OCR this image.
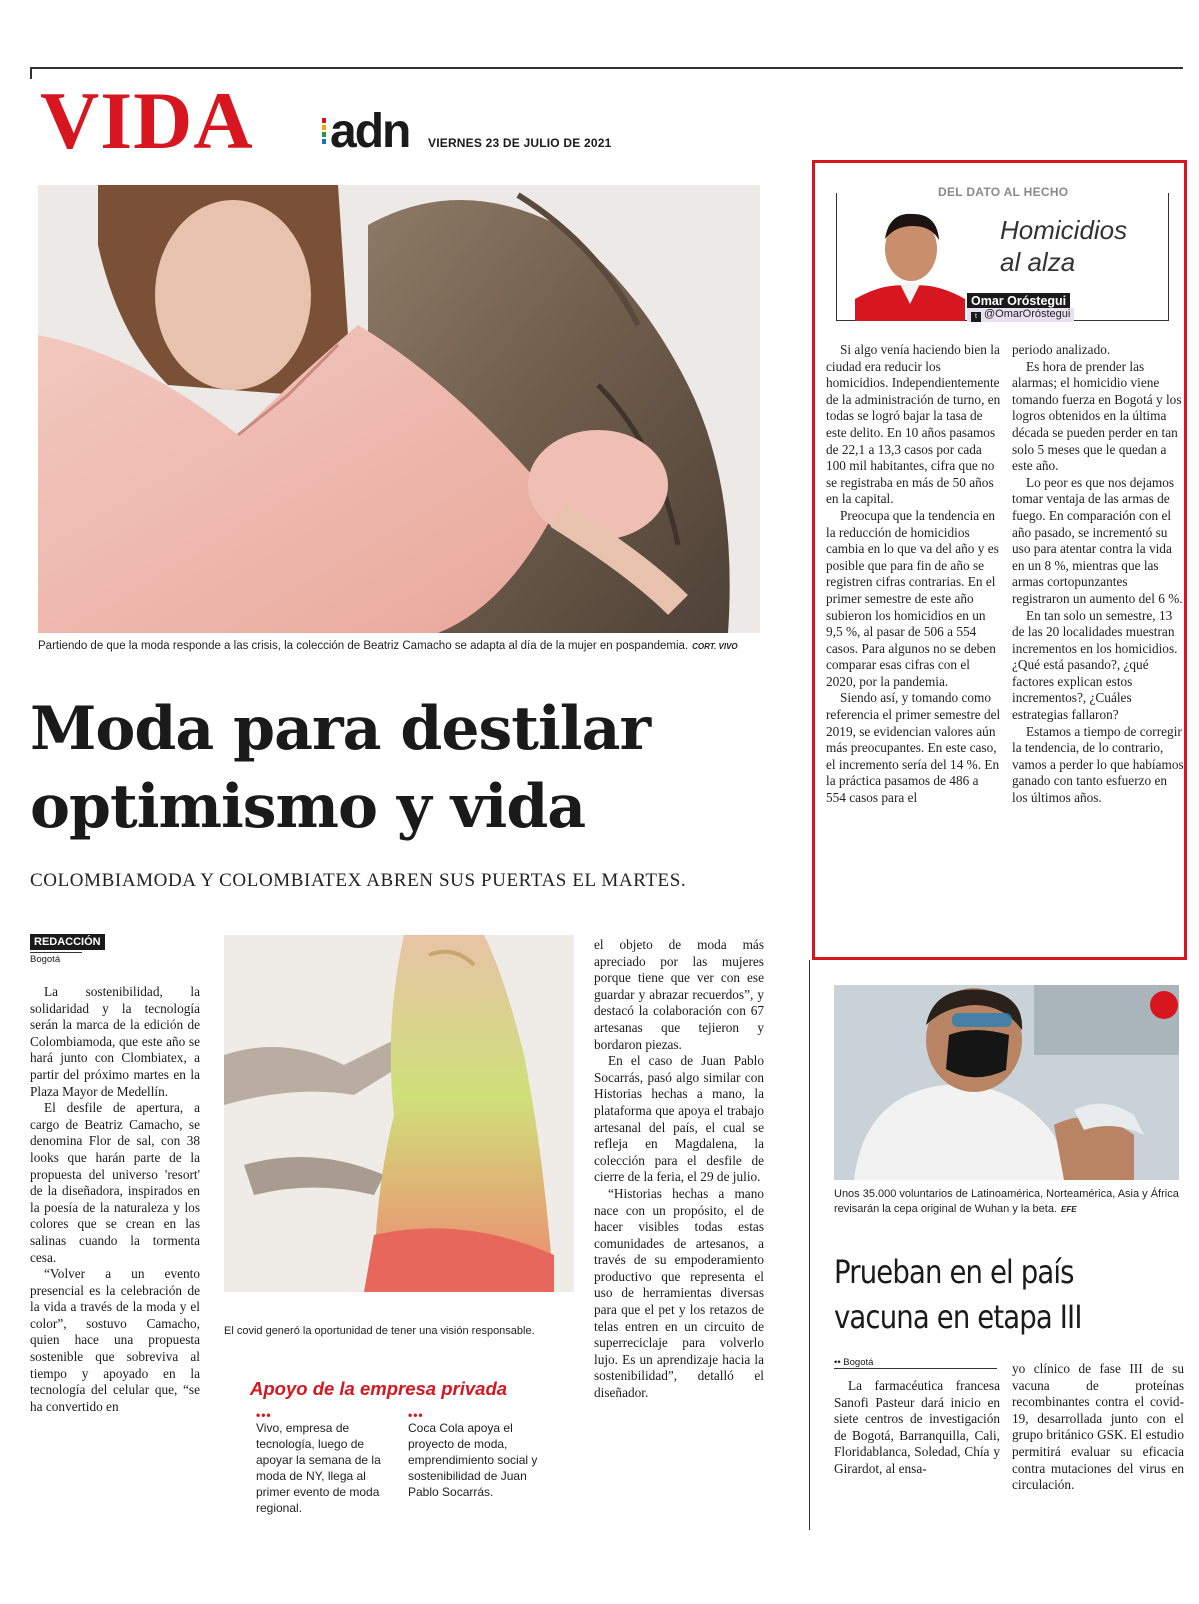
VIDA adn VIERNES 23 DE JULIO DE 2021
Partiendo de que la moda responde a las crisis, la colección de Beatriz Camacho se adapta al día de la mujer en pospandemia. CORT. VIVO
Moda para destilar
optimismo y vida
COLOMBIAMODA Y COLOMBIATEX ABREN SUS PUERTAS EL MARTES.
REDACCIÓN
Bogotá

La sostenibilidad, la solidaridad y la tecnología serán la marca de la edición de Colombiamoda, que este año se hará junto con Clombiatex, a partir del próximo martes en la Plaza Mayor de Medellín.

El desfile de apertura, a cargo de Beatriz Camacho, se denomina Flor de sal, con 38 looks que harán parte de la propuesta del universo 'resort' de la diseñadora, inspirados en la poesía de la naturaleza y los colores que se crean en las salinas cuando la tormenta cesa.

“Volver a un evento presencial es la celebración de la vida a través de la moda y el color”, sostuvo Camacho, quien hace una propuesta sostenible que sobreviva al tiempo y apoyado en la tecnología del celular que, “se ha convertido en

El covid generó la oportunidad de tener una visión responsable.
Apoyo de la empresa privada
•••
Vivo, empresa de tecnología, luego de apoyar la semana de la moda de NY, llega al primer evento de moda regional.
•••
Coca Cola apoya el proyecto de moda, emprendimiento social y sostenibilidad de Juan Pablo Socarrás.

el objeto de moda más apreciado por las mujeres porque tiene que ver con ese guardar y abrazar recuerdos”, y destacó la colaboración con 67 artesanas que tejieron y bordaron piezas.

En el caso de Juan Pablo Socarrás, pasó algo similar con Historias hechas a mano, la plataforma que apoya el trabajo artesanal del país, el cual se refleja en Magdalena, la colección para el desfile de cierre de la feria, el 29 de julio.

“Historias hechas a mano nace con un propósito, el de hacer visibles todas estas comunidades de artesanos, a través de su empoderamiento productivo que representa el uso de herramientas diversas para que el pet y los retazos de telas entren en un circuito de superreciclaje para volverlo lujo. Es un aprendizaje hacia la sostenibilidad”, detalló el diseñador.

DEL DATO AL HECHO
Homicidios
al alza
Omar Oróstegui
t @OmarOróstegui

Si algo venía haciendo bien la ciudad era reducir los homicidios. Independientemente de la administración de turno, en todas se logró bajar la tasa de este delito. En 10 años pasamos de 22,1 a 13,3 casos por cada 100 mil habitantes, cifra que no se registraba en más de 50 años en la capital.

Preocupa que la tendencia en la reducción de homicidios cambia en lo que va del año y es posible que para fin de año se registren cifras contrarias. En el primer semestre de este año subieron los homicidios en un 9,5 %, al pasar de 506 a 554 casos. Para algunos no se deben comparar esas cifras con el 2020, por la pandemia.

Siendo así, y tomando como referencia el primer semestre del 2019, se evidencian valores aún más preocupantes. En este caso, el incremento sería del 14 %. En la práctica pasamos de 486 a 554 casos para el

periodo analizado.

Es hora de prender las alarmas; el homicidio viene tomando fuerza en Bogotá y los logros obtenidos en la última década se pueden perder en tan solo 5 meses que le quedan a este año.

Lo peor es que nos dejamos tomar ventaja de las armas de fuego. En comparación con el año pasado, se incrementó su uso para atentar contra la vida en un 8 %, mientras que las armas cortopunzantes registraron un aumento del 6 %.

En tan solo un semestre, 13 de las 20 localidades muestran incrementos en los homicidios. ¿Qué está pasando?, ¿qué factores explican estos incrementos?, ¿Cuáles estrategias fallaron?

Estamos a tiempo de corregir la tendencia, de lo contrario, vamos a perder lo que habíamos ganado con tanto esfuerzo en los últimos años.

Unos 35.000 voluntarios de Latinoamérica, Norteamérica, Asia y África revisarán la cepa original de Wuhan y la beta. EFE
Prueban en el país
vacuna en etapa III
•• Bogotá

La farmacéutica francesa Sanofi Pasteur dará inicio en siete centros de investigación de Bogotá, Barranquilla, Cali, Floridablanca, Soledad, Chía y Girardot, al ensa-

yo clínico de fase III de su vacuna de proteínas recombinantes contra el covid-19, desarrollada junto con el grupo británico GSK. El estudio permitirá evaluar su eficacia contra mutaciones del virus en circulación.
